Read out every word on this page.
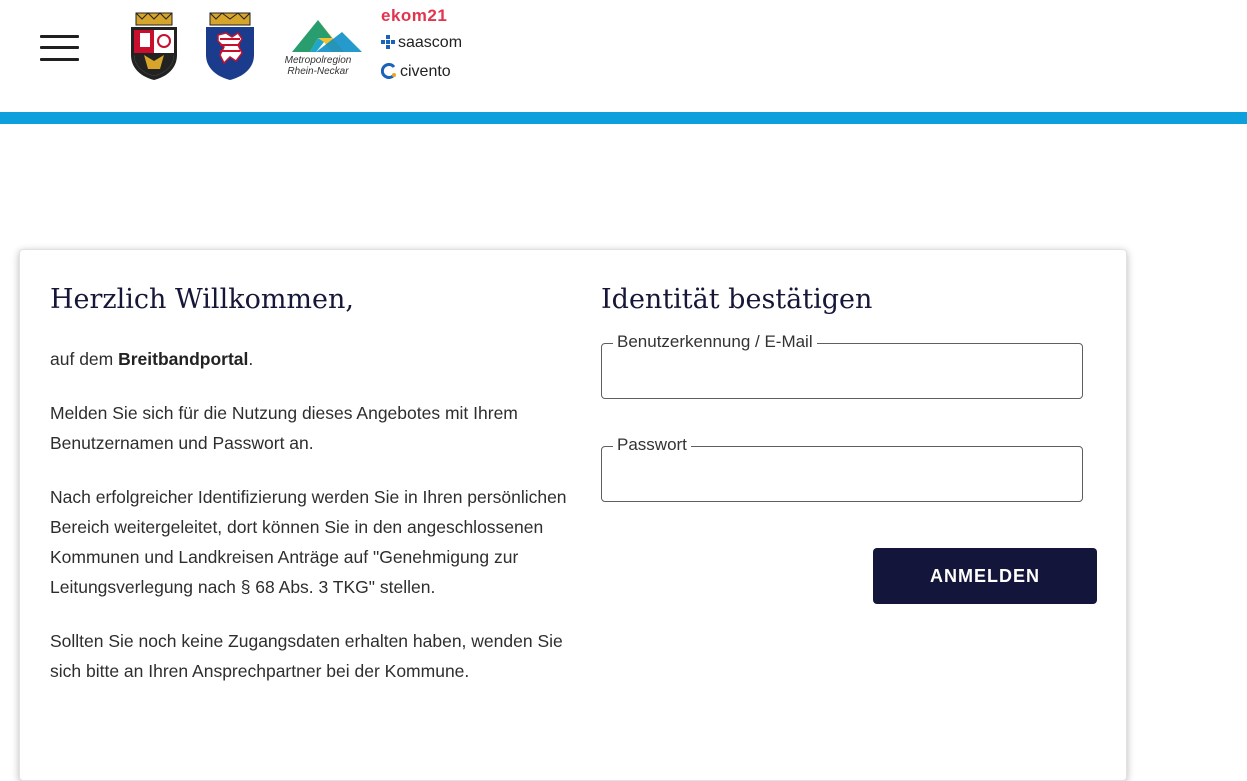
Metropolregion
Rhein-Neckar
ekom21
saascom
civento
Herzlich Willkommen,

auf dem Breitbandportal.

Melden Sie sich für die Nutzung dieses Angebotes mit Ihrem Benutzernamen und Passwort an.

Nach erfolgreicher Identifizierung werden Sie in Ihren persönlichen Bereich weitergeleitet, dort können Sie in den angeschlossenen Kommunen und Landkreisen Anträge auf "Genehmigung zur Leitungsverlegung nach § 68 Abs. 3 TKG" stellen.

Sollten Sie noch keine Zugangsdaten erhalten haben, wenden Sie sich bitte an Ihren Ansprechpartner bei der Kommune.

Identität bestätigen
Benutzerkennung / E-Mail
Passwort
ANMELDEN
